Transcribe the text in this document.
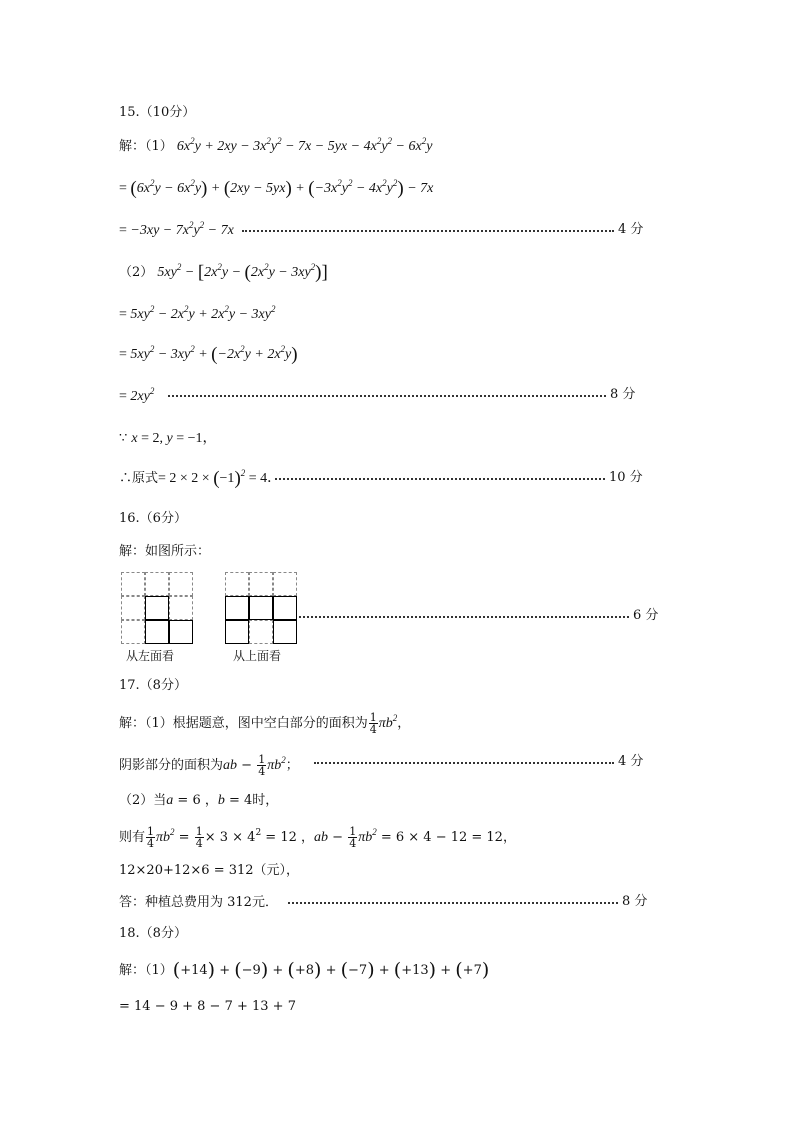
15.（10分）
解：（1） $6x^2y + 2xy - 3x^2y^2 - 7x - 5yx - 4x^2y^2 - 6x^2y$
= $(6x^2y - 6x^2y) + (2xy - 5yx) + (-3x^2y^2 - 4x^2y^2) - 7x$
= $-3xy - 7x^2y^2 - 7x$	4 分
（2） $5xy^2 - [2x^2y - (2x^2y - 3xy^2)]$
= $5xy^2 - 2x^2y + 2x^2y - 3xy^2$
= $5xy^2 - 3xy^2 + (-2x^2y + 2x^2y)$
= $2xy^2$	8 分
∵ x = 2, y = −1，
∴原式= $2 \times 2 \times (-1)^2 = 4$．	10 分
16.（6分）
解：如图所示：
从左面看	从上面看
6 分
17.（8分）
解：（1）根据题意，图中空白部分的面积为 $\frac{1}{4} \pi b^2$，
阴影部分的面积为ab − $\frac{1}{4} \pi b^2$；	4 分
（2）当a = 6 ，b = 4时，
则有 $\frac{1}{4} \pi b^2 = \frac{1}{4} \times 3 \times 4^2 = 12$ ，ab − $\frac{1}{4} \pi b^2 = 6 \times 4 - 12 = 12$，
12×20+12×6 = 312（元），
答：种植总费用为 312元．	8 分
18.（8分）
解：（1）(+14) + (−9) + (+8) + (−7) + (+13) + (+7)
= 14 − 9 + 8 − 7 + 13 + 7
